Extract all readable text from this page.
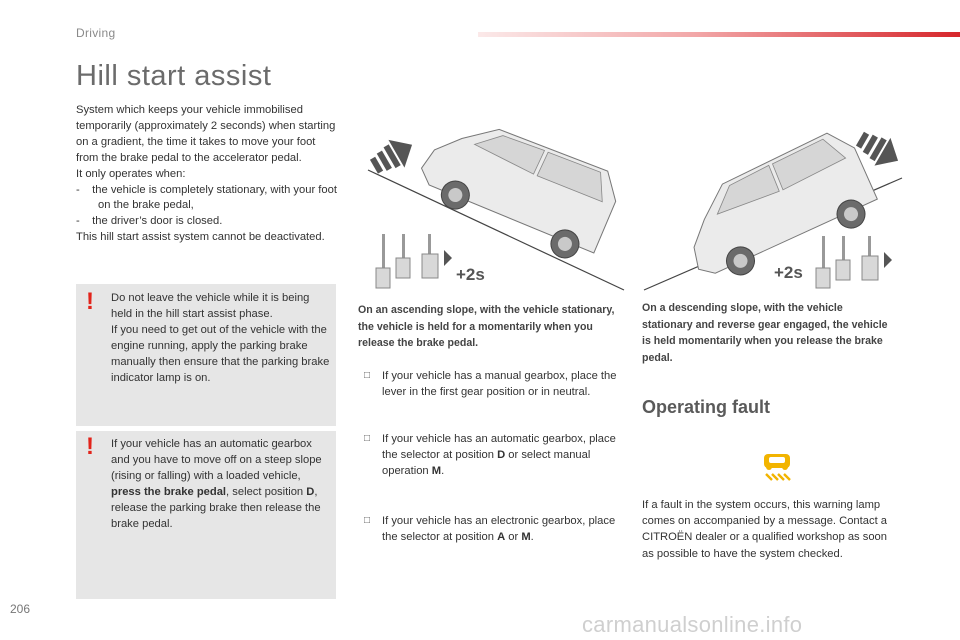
Driving
Hill start assist

System which keeps your vehicle immobilised temporarily (approximately 2 seconds) when starting on a gradient, the time it takes to move your foot from the brake pedal to the accelerator pedal.

It only operates when:

-    the vehicle is completely stationary, with your foot on the brake pedal,

-    the driver’s door is closed.

This hill start assist system cannot be deactivated.

! Do not leave the vehicle while it is being held in the hill start assist phase.

If you need to get out of the vehicle with the engine running, apply the parking brake manually then ensure that the parking brake indicator lamp is on.

! If your vehicle has an automatic gearbox and you have to move off on a steep slope (rising or falling) with a loaded vehicle, press the brake pedal, select position D, release the parking brake then release the brake pedal.
+2s	+2s
On an ascending slope, with the vehicle stationary, the vehicle is held for a momentarily when you release the brake pedal.
On a descending slope, with the vehicle stationary and reverse gear engaged, the vehicle is held momentarily when you release the brake pedal.
□ If your vehicle has a manual gearbox, place the lever in the first gear position or in neutral.
□ If your vehicle has an automatic gearbox, place the selector at position D or select manual operation M.
□ If your vehicle has an electronic gearbox, place the selector at position A or M.
Operating fault
If a fault in the system occurs, this warning lamp comes on accompanied by a message. Contact a CITROËN dealer or a qualified workshop as soon as possible to have the system checked.
206
carmanualsonline.info
